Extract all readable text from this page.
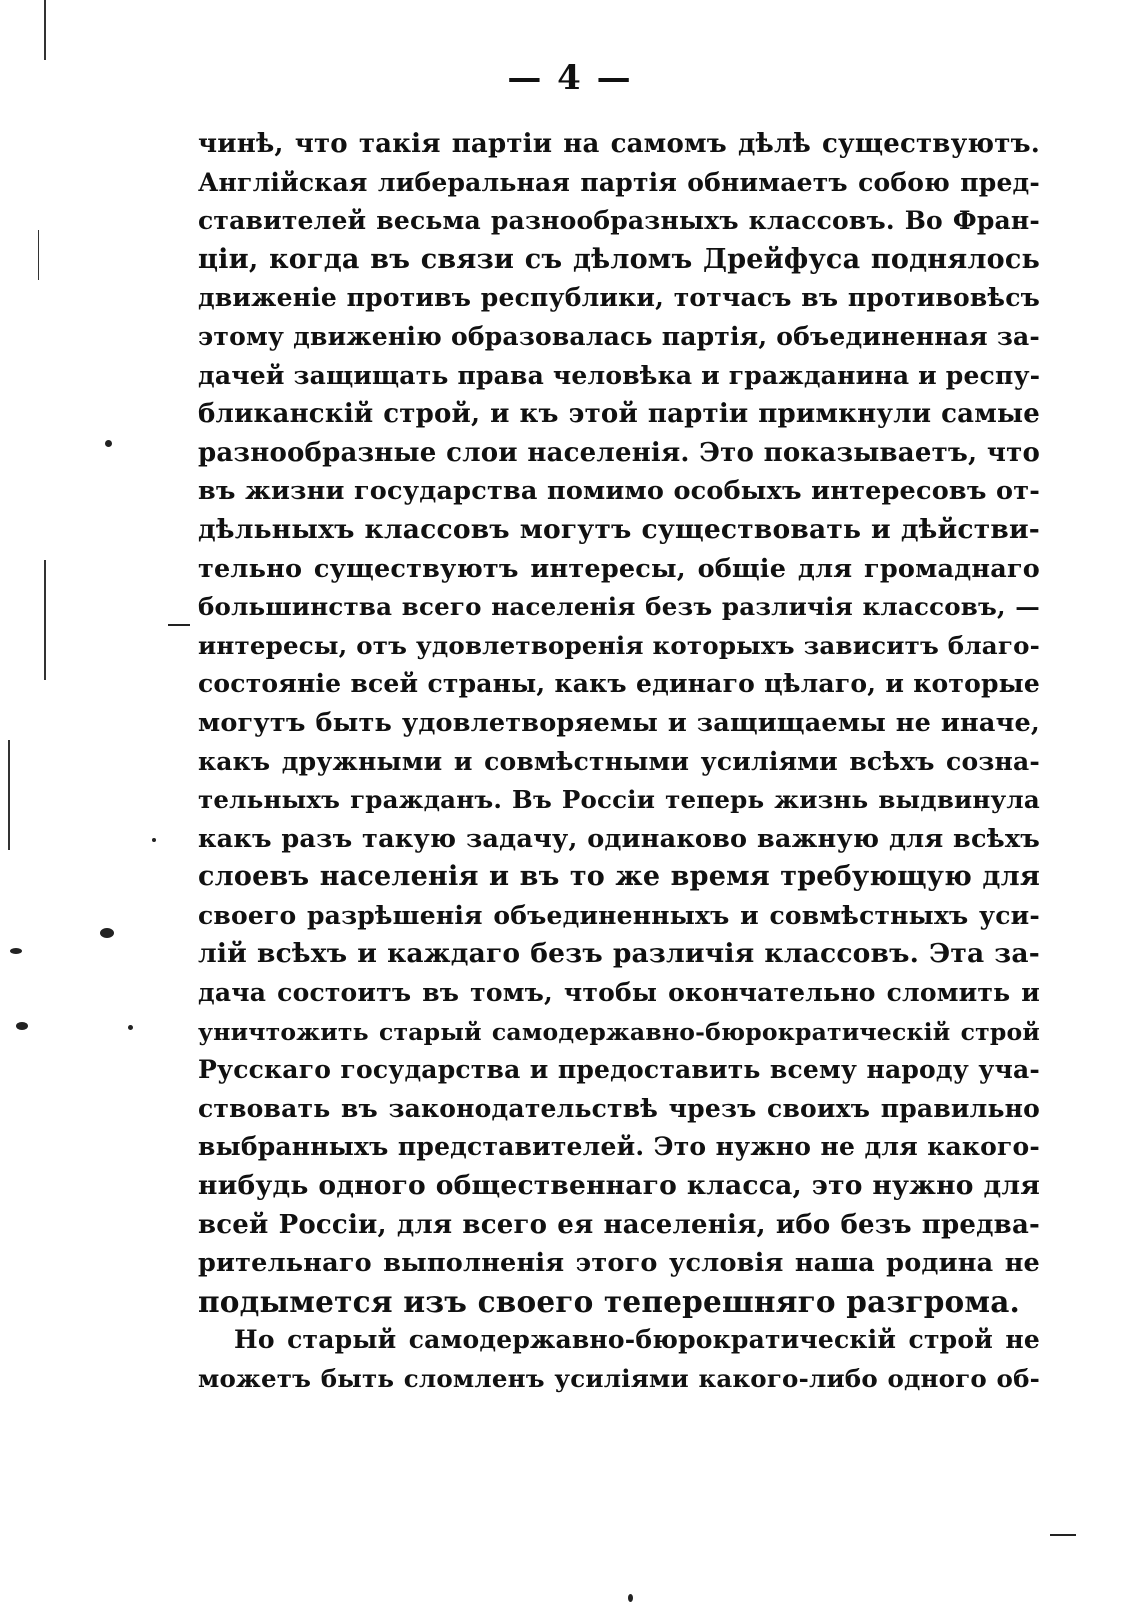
— 4 —
чинѣ, что такія партіи на самомъ дѣлѣ существуютъ.
Англійская либеральная партія обнимаетъ собою пред-
ставителей весьма разнообразныхъ классовъ. Во Фран-
ціи, когда въ связи съ дѣломъ Дрейфуса поднялось
движеніе противъ республики, тотчасъ въ противовѣсъ
этому движенію образовалась партія, объединенная за-
дачей защищать права человѣка и гражданина и респу-
бликанскій строй, и къ этой партіи примкнули самые
разнообразные слои населенія. Это показываетъ, что
въ жизни государства помимо особыхъ интересовъ от-
дѣльныхъ классовъ могутъ существовать и дѣйстви-
тельно существуютъ интересы, общіе для громаднаго
большинства всего населенія безъ различія классовъ, —
интересы, отъ удовлетворенія которыхъ зависитъ благо-
состояніе всей страны, какъ единаго цѣлаго, и которые
могутъ быть удовлетворяемы и защищаемы не иначе,
какъ дружными и совмѣстными усиліями всѣхъ созна-
тельныхъ гражданъ. Въ Россіи теперь жизнь выдвинула
какъ разъ такую задачу, одинаково важную для всѣхъ
слоевъ населенія и въ то же время требующую для
своего разрѣшенія объединенныхъ и совмѣстныхъ уси-
лій всѣхъ и каждаго безъ различія классовъ. Эта за-
дача состоитъ въ томъ, чтобы окончательно сломить и
уничтожить старый самодержавно-бюрократическій строй
Русскаго государства и предоставить всему народу уча-
ствовать въ законодательствѣ чрезъ своихъ правильно
выбранныхъ представителей. Это нужно не для какого-
нибудь одного общественнаго класса, это нужно для
всей Россіи, для всего ея населенія, ибо безъ предва-
рительнаго выполненія этого условія наша родина не
подымется изъ своего теперешняго разгрома.
Но старый самодержавно-бюрократическій строй не
можетъ быть сломленъ усиліями какого-либо одного об-
